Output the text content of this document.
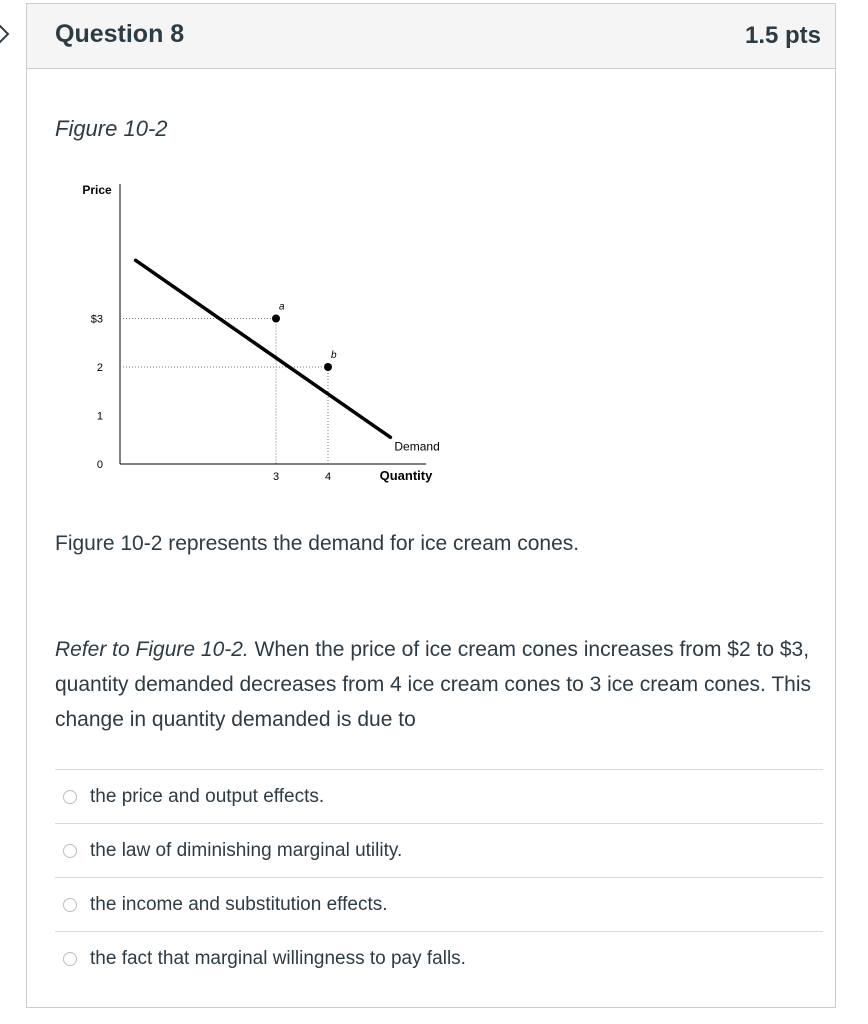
Question 8	1.5 pts
Figure 10-2
Price
Quantity
$3
2
1
0
3	4
Demand
a
b
Figure 10-2 represents the demand for ice cream cones.
Refer to Figure 10-2. When the price of ice cream cones increases from $2 to $3, quantity demanded decreases from 4 ice cream cones to 3 ice cream cones. This change in quantity demanded is due to
the price and output effects.
the law of diminishing marginal utility.
the income and substitution effects.
the fact that marginal willingness to pay falls.
